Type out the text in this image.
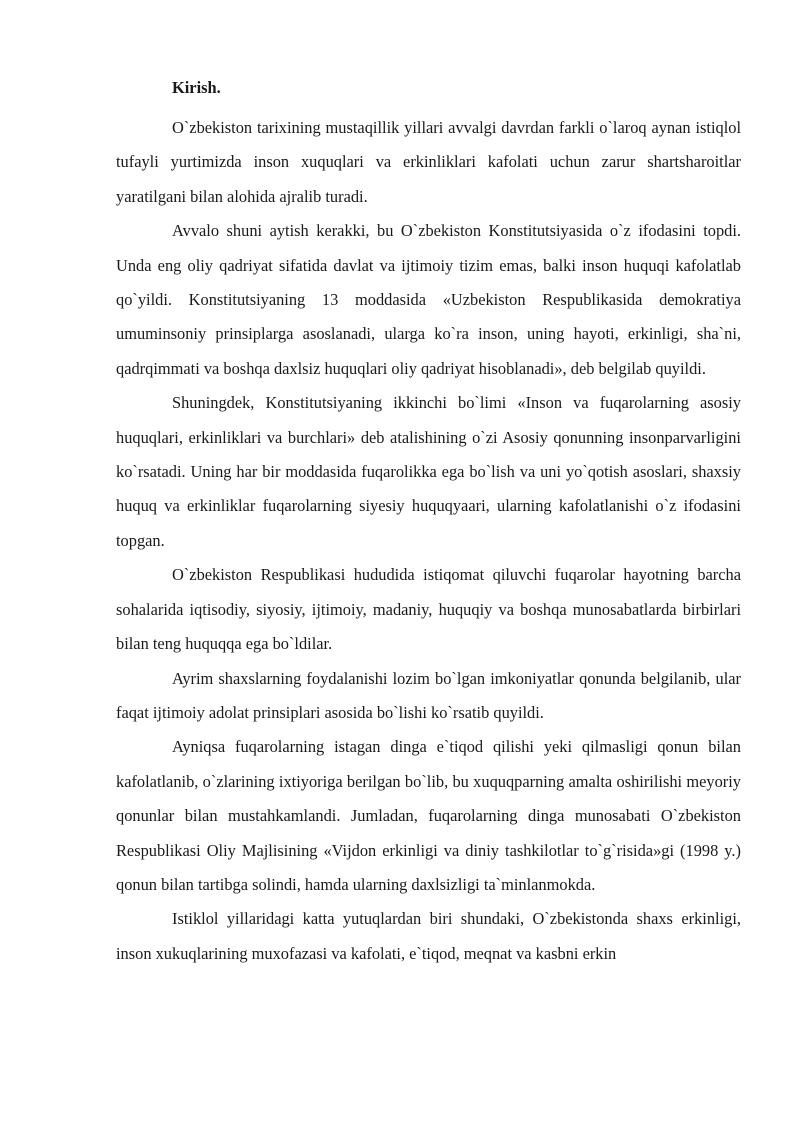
Kirish.

O`zbekiston tarixining mustaqillik yillari avvalgi davrdan farkli o`laroq aynan istiqlol tufayli yurtimizda inson xuquqlari va erkinliklari kafolati uchun zarur shartsharoitlar yaratilgani bilan alohida ajralib turadi.

Avvalo shuni aytish kerakki, bu O`zbekiston Konstitutsiyasida o`z ifodasini topdi. Unda eng oliy qadriyat sifatida davlat va ijtimoiy tizim emas, balki inson huquqi kafolatlab qo`yildi. Konstitutsiyaning 13 moddasida «Uzbekiston Respublikasida demokratiya umuminsoniy prinsiplarga asoslanadi, ularga ko`ra inson, uning hayoti, erkinligi, sha`ni, qadrqimmati va boshqa daxlsiz huquqlari oliy qadriyat hisoblanadi», deb belgilab quyildi.

Shuningdek, Konstitutsiyaning ikkinchi bo`limi «Inson va fuqarolarning asosiy huquqlari, erkinliklari va burchlari» deb atalishining o`zi Asosiy qonunning insonparvarligini ko`rsatadi. Uning har bir moddasida fuqarolikka ega bo`lish va uni yo`qotish asoslari, shaxsiy huquq va erkinliklar fuqarolarning siyesiy huquqyaari, ularning kafolatlanishi o`z ifodasini topgan.

O`zbekiston Respublikasi hududida istiqomat qiluvchi fuqarolar hayotning barcha sohalarida iqtisodiy, siyosiy, ijtimoiy, madaniy, huquqiy va boshqa munosabatlarda birbirlari bilan teng huquqqa ega bo`ldilar.

Ayrim shaxslarning foydalanishi lozim bo`lgan imkoniyatlar qonunda belgilanib, ular faqat ijtimoiy adolat prinsiplari asosida bo`lishi ko`rsatib quyildi.

Ayniqsa fuqarolarning istagan dinga e`tiqod qilishi yeki qilmasligi qonun bilan kafolatlanib, o`zlarining ixtiyoriga berilgan bo`lib, bu xuquqparning amalta oshirilishi meyoriy qonunlar bilan mustahkamlandi. Jumladan, fuqarolarning dinga munosabati O`zbekiston Respublikasi Oliy Majlisining «Vijdon erkinligi va diniy tashkilotlar to`g`risida»gi (1998 y.) qonun bilan tartibga solindi, hamda ularning daxlsizligi ta`minlanmokda.

Istiklol yillaridagi katta yutuqlardan biri shundaki, O`zbekistonda shaxs erkinligi, inson xukuqlarining muxofazasi va kafolati, e`tiqod, meqnat va kasbni erkin
